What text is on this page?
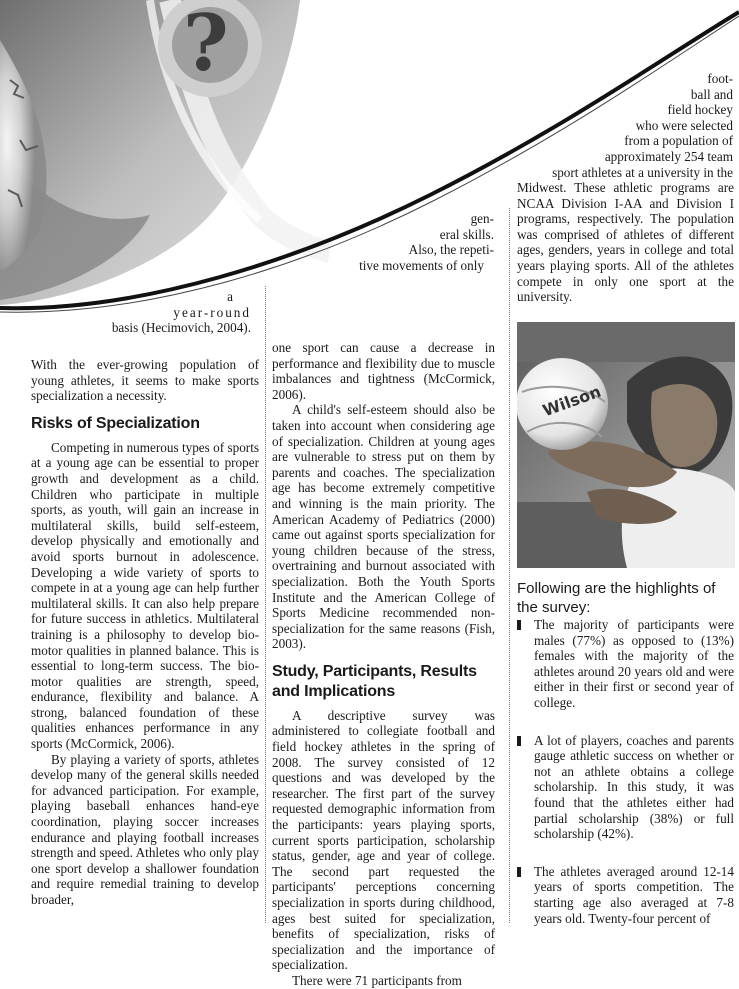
?	foot-
ball and
field hockey
who were selected
from a population of
approximately 254 team
sport athletes at a university in the
gen-
eral skills.
Also, the repeti-
tive movements of only
a
year-round
basis (Hecimovich, 2004).

With the ever-growing population of young athletes, it seems to make sports specialization a necessity.

Risks of Specialization

Competing in numerous types of sports at a young age can be essential to proper growth and development as a child. Children who participate in multiple sports, as youth, will gain an increase in multilateral skills, build self-esteem, develop physically and emotionally and avoid sports burnout in adolescence. Developing a wide variety of sports to compete in at a young age can help further multilateral skills. It can also help prepare for future success in athletics. Multilateral training is a philosophy to develop bio-motor qualities in planned balance. This is essential to long-term success. The bio-motor qualities are strength, speed, endurance, flexibility and balance. A strong, balanced foundation of these qualities enhances performance in any sports (McCormick, 2006).

By playing a variety of sports, athletes develop many of the general skills needed for advanced participation. For example, playing baseball enhances hand-eye coordination, playing soccer increases endurance and playing football increases strength and speed. Athletes who only play one sport develop a shallower foundation and require remedial training to develop broader,

one sport can cause a decrease in performance and flexibility due to muscle imbalances and tightness (McCormick, 2006).

A child's self-esteem should also be taken into account when considering age of specialization. Children at young ages are vulnerable to stress put on them by parents and coaches. The specialization age has become extremely competitive and winning is the main priority. The American Academy of Pediatrics (2000) came out against sports specialization for young children because of the stress, overtraining and burnout associated with specialization. Both the Youth Sports Institute and the American College of Sports Medicine recommended non-specialization for the same reasons (Fish, 2003).

Study, Participants, Results and Implications

A descriptive survey was administered to collegiate football and field hockey athletes in the spring of 2008. The survey consisted of 12 questions and was developed by the researcher. The first part of the survey requested demographic information from the participants: years playing sports, current sports participation, scholarship status, gender, age and year of college. The second part requested the participants' perceptions concerning specialization in sports during childhood, ages best suited for specialization, benefits of specialization, risks of specialization and the importance of specialization.

There were 71 participants from

Midwest. These athletic programs are NCAA Division I-AA and Division I programs, respectively. The population was comprised of athletes of different ages, genders, years in college and total years playing sports. All of the athletes compete in only one sport at the university.

Wilson

Following are the highlights of the survey:

The majority of participants were males (77%) as opposed to (13%) females with the majority of the athletes around 20 years old and were either in their first or second year of college.
A lot of players, coaches and parents gauge athletic success on whether or not an athlete obtains a college scholarship. In this study, it was found that the athletes either had partial scholarship (38%) or full scholarship (42%).
The athletes averaged around 12-14 years of sports competition. The starting age also averaged at 7-8 years old. Twenty-four percent of
